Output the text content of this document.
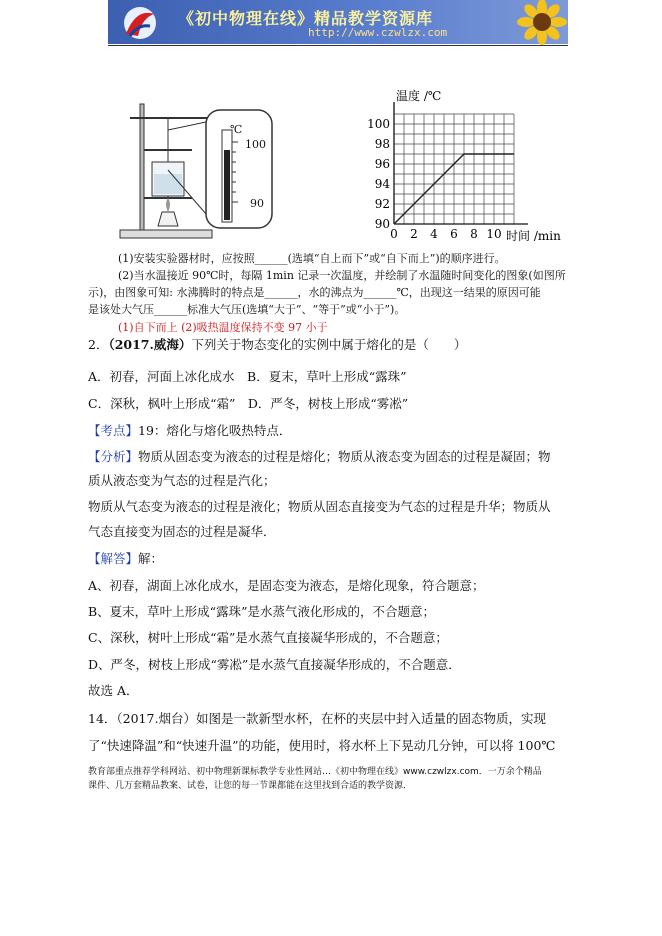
《初中物理在线》精品教学资源库
http://www.czwlzx.com
℃
100
90
0 2 4 6 8 10
90
92
94
96
98
100
温度 /℃
时间 /min
(1)安装实验器材时，应按照______(选填“自上而下”或“自下而上”)的顺序进行。
(2)当水温接近 90℃时，每隔 1min 记录一次温度，并绘制了水温随时间变化的图象(如图所
示)，由图象可知: 水沸腾时的特点是______，水的沸点为______℃，出现这一结果的原因可能
是该处大气压______标准大气压(选填“大于”、“等于”或“小于”)。
(1)自下而上 (2)吸热温度保持不变 97 小于
2．（2017.威海）下列关于物态变化的实例中属于熔化的是（　　）
A．初春，河面上冰化成水　B．夏末，草叶上形成“露珠”
C．深秋，枫叶上形成“霜”　D．严冬，树枝上形成“雾凇”
【考点】19：熔化与熔化吸热特点．
【分析】物质从固态变为液态的过程是熔化；物质从液态变为固态的过程是凝固；物
质从液态变为气态的过程是汽化；
物质从气态变为液态的过程是液化；物质从固态直接变为气态的过程是升华；物质从
气态直接变为固态的过程是凝华．
【解答】解：
A、初春，湖面上冰化成水，是固态变为液态，是熔化现象，符合题意；
B、夏末，草叶上形成“露珠”是水蒸气液化形成的，不合题意；
C、深秋，树叶上形成“霜”是水蒸气直接凝华形成的，不合题意；
D、严冬，树枝上形成“雾凇”是水蒸气直接凝华形成的，不合题意．
故选 A．
14．（2017.烟台）如图是一款新型水杯，在杯的夹层中封入适量的固态物质，实现
了“快速降温”和“快速升温”的功能，使用时，将水杯上下晃动几分钟，可以将 100℃
教育部重点推荐学科网站、初中物理新课标教学专业性网站…《初中物理在线》www.czwlzx.com．一万余个精品
课件、几万套精品教案、试卷，让您的每一节课都能在这里找到合适的教学资源．
